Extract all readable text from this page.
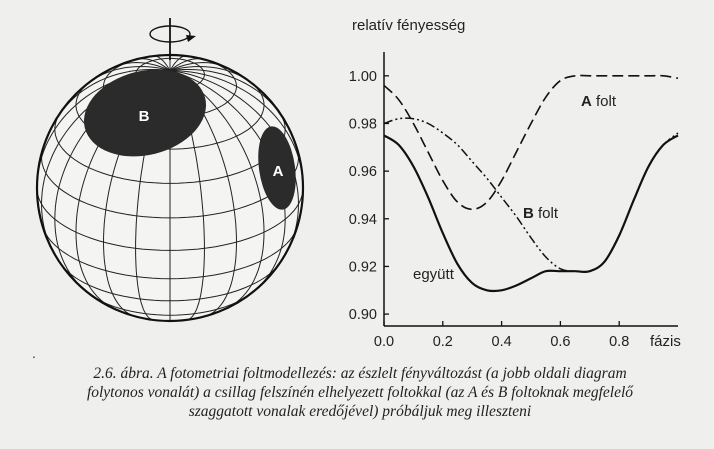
B
A
relatív fényesség
0.90
0.92
0.94
0.96
0.98
1.00
0.0	0.2	0.4	0.6	0.8 fázis
A folt
B folt
együtt
.
2.6. ábra. A fotometriai foltmodellezés: az észlelt fényváltozást (a jobb oldali diagram
folytonos vonalát) a csillag felszínén elhelyezett foltokkal (az A és B foltoknak megfelelő
szaggatott vonalak eredőjével) próbáljuk meg illeszteni
